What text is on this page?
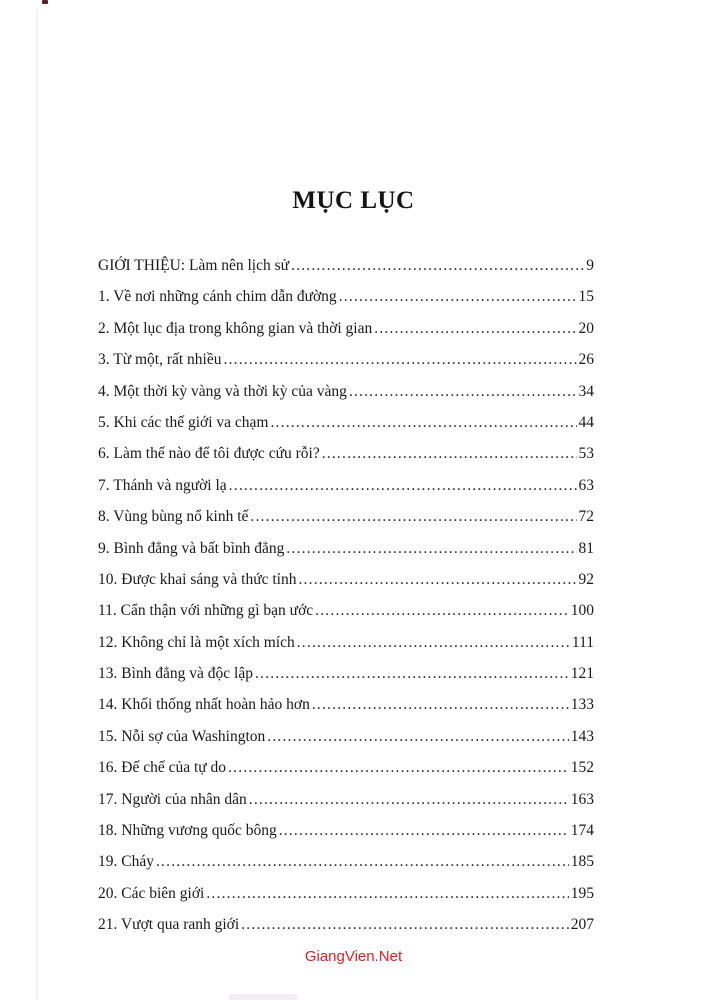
MỤC LỤC
GIỚI THIỆU: Làm nên lịch sử .....	9
1. Về nơi những cánh chim dẫn đường .....	15
2. Một lục địa trong không gian và thời gian .....	20
3. Từ một, rất nhiều .....	26
4. Một thời kỳ vàng và thời kỳ của vàng .....	34
5. Khi các thế giới va chạm .....	44
6. Làm thế nào để tôi được cứu rỗi? .....	53
7. Thánh và người lạ .....	63
8. Vùng bùng nổ kinh tế .....	72
9. Bình đẳng và bất bình đẳng .....	81
10. Được khai sáng và thức tỉnh .....	92
11. Cẩn thận với những gì bạn ước .....	100
12. Không chỉ là một xích mích .....	111
13. Bình đẳng và độc lập .....	121
14. Khối thống nhất hoàn hảo hơn .....	133
15. Nỗi sợ của Washington .....	143
16. Đế chế của tự do .....	152
17. Người của nhân dân .....	163
18. Những vương quốc bông .....	174
19. Cháy .....	185
20. Các biên giới .....	195
21. Vượt qua ranh giới .....	207
GiangVien.Net
